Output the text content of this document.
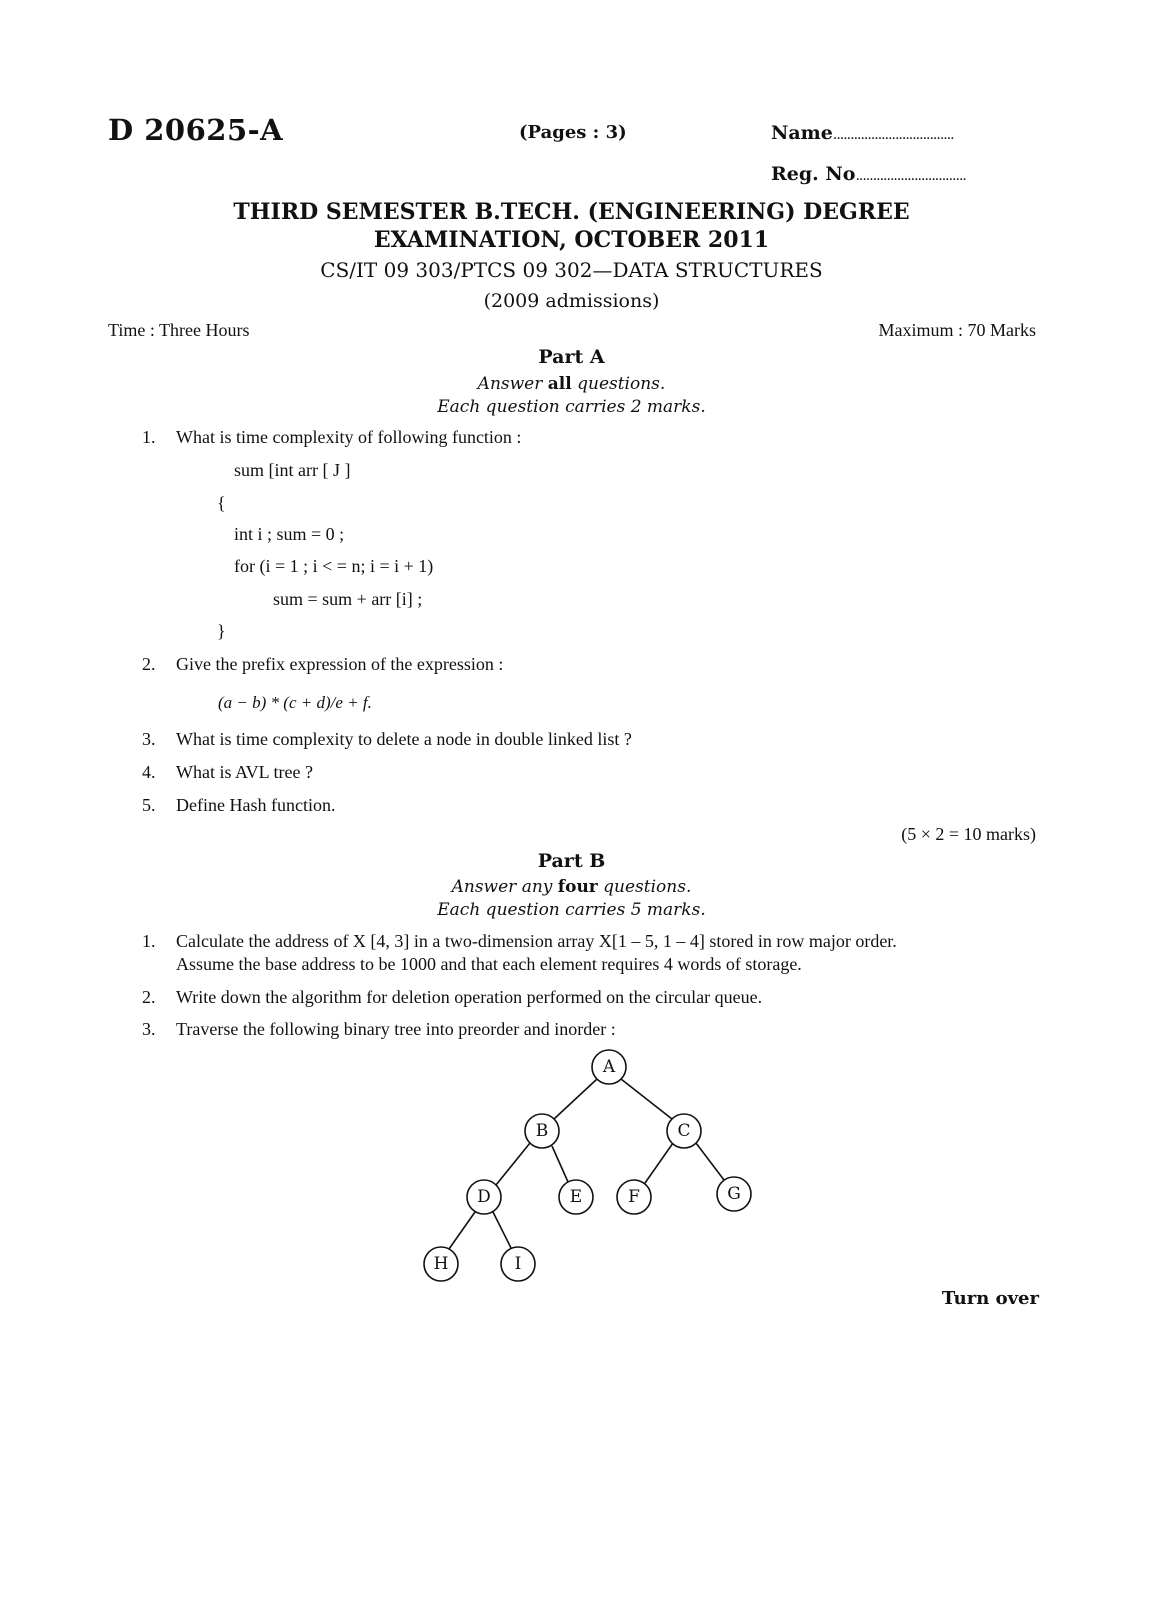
D 20625-A	(Pages : 3)	Name...................................
Reg. No................................
THIRD SEMESTER B.TECH. (ENGINEERING) DEGREE
EXAMINATION, OCTOBER 2011
CS/IT 09 303/PTCS 09 302—DATA STRUCTURES
(2009 admissions)
Time : Three Hours	Maximum : 70 Marks
Part A
Answer all questions.
Each question carries 2 marks.
1. What is time complexity of following function :
sum [int arr [ J ]
{
int i ; sum = 0 ;
for (i = 1 ; i < = n; i = i + 1)
sum = sum + arr [i] ;
}
2. Give the prefix expression of the expression :
(a − b) * (c + d)/e + f.
3. What is time complexity to delete a node in double linked list ?
4. What is AVL tree ?
5. Define Hash function.
(5 × 2 = 10 marks)
Part B
Answer any four questions.
Each question carries 5 marks.
1. Calculate the address of X [4, 3] in a two-dimension array X[1 – 5, 1 – 4] stored in row major order.
Assume the base address to be 1000 and that each element requires 4 words of storage.
2. Write down the algorithm for deletion operation performed on the circular queue.
3. Traverse the following binary tree into preorder and inorder :
A
B	C
D	E	F	G
H	I
Turn over
